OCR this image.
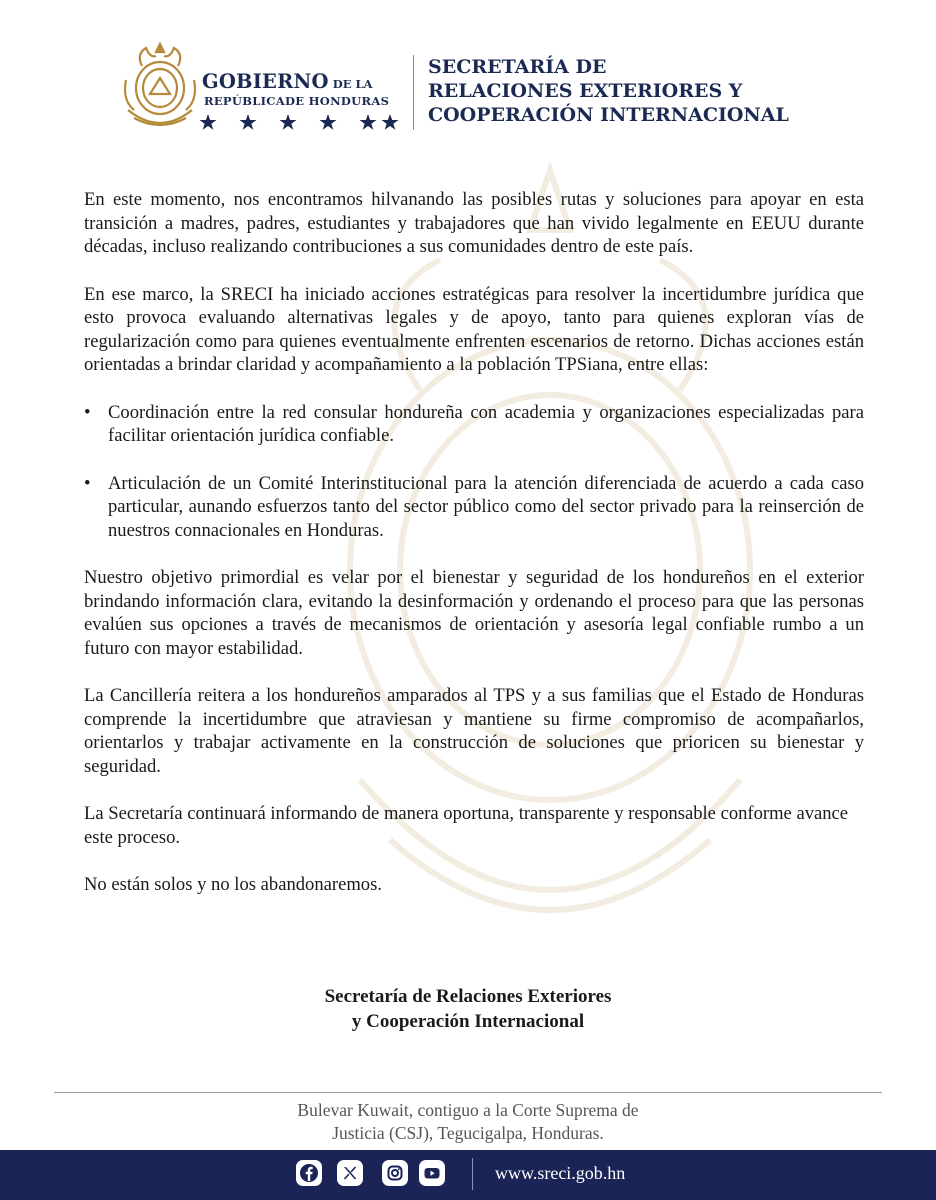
GOBIERNO DE LA
REPÚBLICADE HONDURAS
SECRETARÍA DE
RELACIONES EXTERIORES Y
COOPERACIÓN INTERNACIONAL

En este momento, nos encontramos hilvanando las posibles rutas y soluciones para apoyar en esta transición a madres, padres, estudiantes y trabajadores que han vivido legalmente en EEUU durante décadas, incluso realizando contribuciones a sus comunidades dentro de este país.

En ese marco, la SRECI ha iniciado acciones estratégicas para resolver la incertidumbre jurídica que esto provoca evaluando alternativas legales y de apoyo, tanto para quienes exploran vías de regularización como para quienes eventualmente enfrenten escenarios de retorno. Dichas acciones están orientadas a brindar claridad y acompañamiento a la población TPSiana, entre ellas:

• Coordinación entre la red consular hondureña con academia y organizaciones especializadas para facilitar orientación jurídica confiable.
• Articulación de un Comité Interinstitucional para la atención diferenciada de acuerdo a cada caso particular, aunando esfuerzos tanto del sector público como del sector privado para la reinserción de nuestros connacionales en Honduras.

Nuestro objetivo primordial es velar por el bienestar y seguridad de los hondureños en el exterior brindando información clara, evitando la desinformación y ordenando el proceso para que las personas evalúen sus opciones a través de mecanismos de orientación y asesoría legal confiable rumbo a un futuro con mayor estabilidad.

La Cancillería reitera a los hondureños amparados al TPS y a sus familias que el Estado de Honduras comprende la incertidumbre que atraviesan y mantiene su firme compromiso de acompañarlos, orientarlos y trabajar activamente en la construcción de soluciones que prioricen su bienestar y seguridad.

La Secretaría continuará informando de manera oportuna, transparente y responsable conforme avance este proceso.

No están solos y no los abandonaremos.

Secretaría de Relaciones Exteriores
y Cooperación Internacional
Bulevar Kuwait, contiguo a la Corte Suprema de
Justicia (CSJ), Tegucigalpa, Honduras.
www.sreci.gob.hn
